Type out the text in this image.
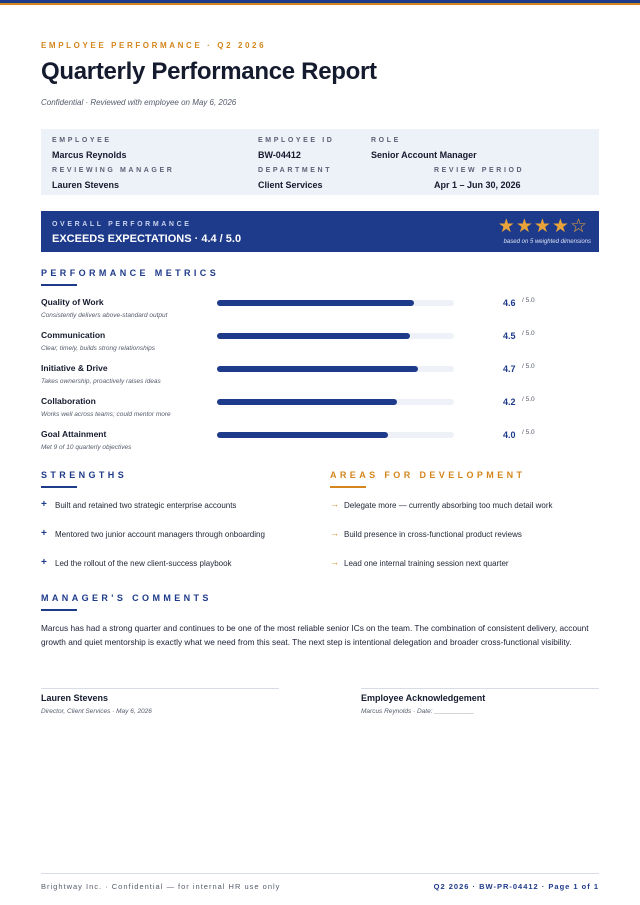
EMPLOYEE PERFORMANCE · Q2 2026
Quarterly Performance Report
Confidential · Reviewed with employee on May 6, 2026
EMPLOYEE
Marcus Reynolds
EMPLOYEE ID
BW-04412
ROLE
Senior Account Manager
REVIEWING MANAGER
Lauren Stevens
DEPARTMENT
Client Services
REVIEW PERIOD
Apr 1 – Jun 30, 2026
OVERALL PERFORMANCE
EXCEEDS EXPECTATIONS · 4.4 / 5.0
★ ★ ★ ★ ☆
based on 5 weighted dimensions
PERFORMANCE METRICS
Quality of Work
Consistently delivers above-standard output
4.6 / 5.0
Communication
Clear, timely, builds strong relationships
4.5 / 5.0
Initiative & Drive
Takes ownership, proactively raises ideas
4.7 / 5.0
Collaboration
Works well across teams; could mentor more
4.2 / 5.0
Goal Attainment
Met 9 of 10 quarterly objectives
4.0 / 5.0
STRENGTHS
+ Built and retained two strategic enterprise accounts
+ Mentored two junior account managers through onboarding
+ Led the rollout of the new client-success playbook
AREAS FOR DEVELOPMENT
→ Delegate more — currently absorbing too much detail work
→ Build presence in cross-functional product reviews
→ Lead one internal training session next quarter
MANAGER'S COMMENTS
Marcus has had a strong quarter and continues to be one of the most reliable senior ICs on the team. The combination of consistent delivery, account growth and quiet mentorship is exactly what we need from this seat. The next step is intentional delegation and broader cross-functional visibility.
Lauren Stevens
Director, Client Services · May 6, 2026
Employee Acknowledgement
Marcus Reynolds · Date: ___________
Brightway Inc. · Confidential — for internal HR use only	Q2 2026 · BW-PR-04412 · Page 1 of 1
